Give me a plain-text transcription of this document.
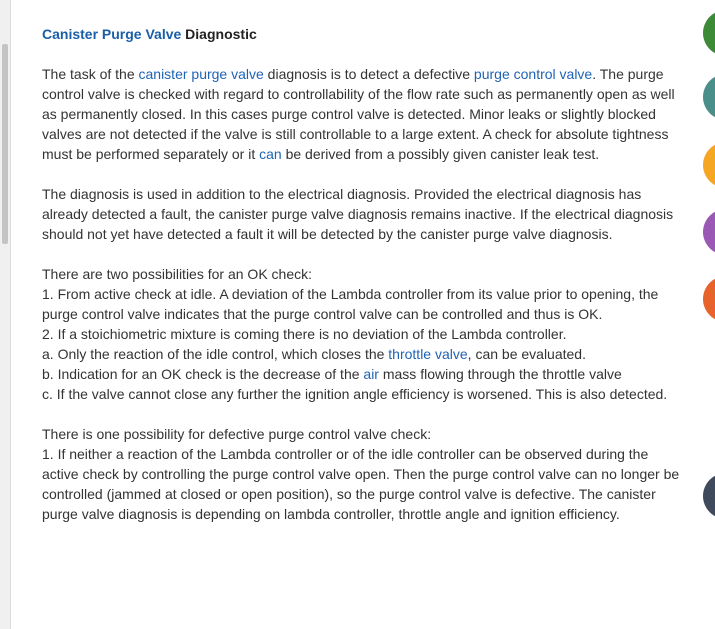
Canister Purge Valve Diagnostic

The task of the canister purge valve diagnosis is to detect a defective purge control valve. The purge control valve is checked with regard to controllability of the flow rate such as permanently open as well as permanently closed. In this cases purge control valve is detected. Minor leaks or slightly blocked valves are not detected if the valve is still controllable to a large extent. A check for absolute tightness must be performed separately or it can be derived from a possibly given canister leak test.

The diagnosis is used in addition to the electrical diagnosis. Provided the electrical diagnosis has already detected a fault, the canister purge valve diagnosis remains inactive. If the electrical diagnosis should not yet have detected a fault it will be detected by the canister purge valve diagnosis.

There are two possibilities for an OK check:
1. From active check at idle. A deviation of the Lambda controller from its value prior to opening, the purge control valve indicates that the purge control valve can be controlled and thus is OK.
2. If a stoichiometric mixture is coming there is no deviation of the Lambda controller.
a. Only the reaction of the idle control, which closes the throttle valve, can be evaluated.
b. Indication for an OK check is the decrease of the air mass flowing through the throttle valve
c. If the valve cannot close any further the ignition angle efficiency is worsened. This is also detected.

There is one possibility for defective purge control valve check:
1. If neither a reaction of the Lambda controller or of the idle controller can be observed during the active check by controlling the purge control valve open. Then the purge control valve can no longer be controlled (jammed at closed or open position), so the purge control valve is defective. The canister purge valve diagnosis is depending on lambda controller, throttle angle and ignition efficiency.
